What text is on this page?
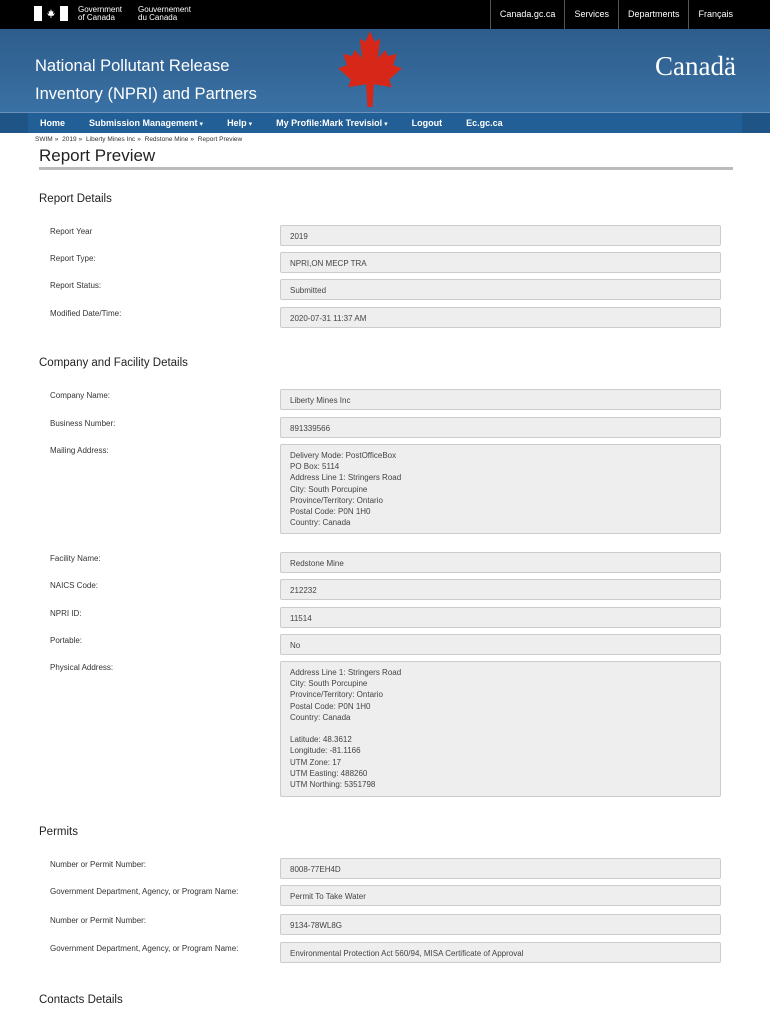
Government
of Canada
Gouvernement
du Canada	Canada.gc.ca	Services	Departments	Français
National Pollutant Release
Inventory (NPRI) and Partners
Canadä
Home	Submission Management ▾	Help ▾	My Profile:Mark Trevisiol ▾	Logout	Ec.gc.ca
SWIM » 2019 » Liberty Mines Inc » Redstone Mine » Report Preview
Report Preview
Report Details
Report Year
2019
Report Type:
NPRI,ON MECP TRA
Report Status:
Submitted
Modified Date/Time:
2020-07-31 11:37 AM
Company and Facility Details
Company Name:
Liberty Mines Inc
Business Number:
891339566
Mailing Address:
Delivery Mode: PostOfficeBox
PO Box: 5114
Address Line 1: Stringers Road
City: South Porcupine
Province/Territory: Ontario
Postal Code: P0N 1H0
Country: Canada
Facility Name:
Redstone Mine
NAICS Code:
212232
NPRI ID:
11514
Portable:
No
Physical Address:
Address Line 1: Stringers Road
City: South Porcupine
Province/Territory: Ontario
Postal Code: P0N 1H0
Country: Canada

Latitude: 48.3612
Longitude: -81.1166
UTM Zone: 17
UTM Easting: 488260
UTM Northing: 5351798
Permits
Number or Permit Number:
8008-77EH4D
Government Department, Agency, or Program Name:
Permit To Take Water
Number or Permit Number:
9134-78WL8G
Government Department, Agency, or Program Name:
Environmental Protection Act 560/94, MISA Certificate of Approval
Contacts Details
